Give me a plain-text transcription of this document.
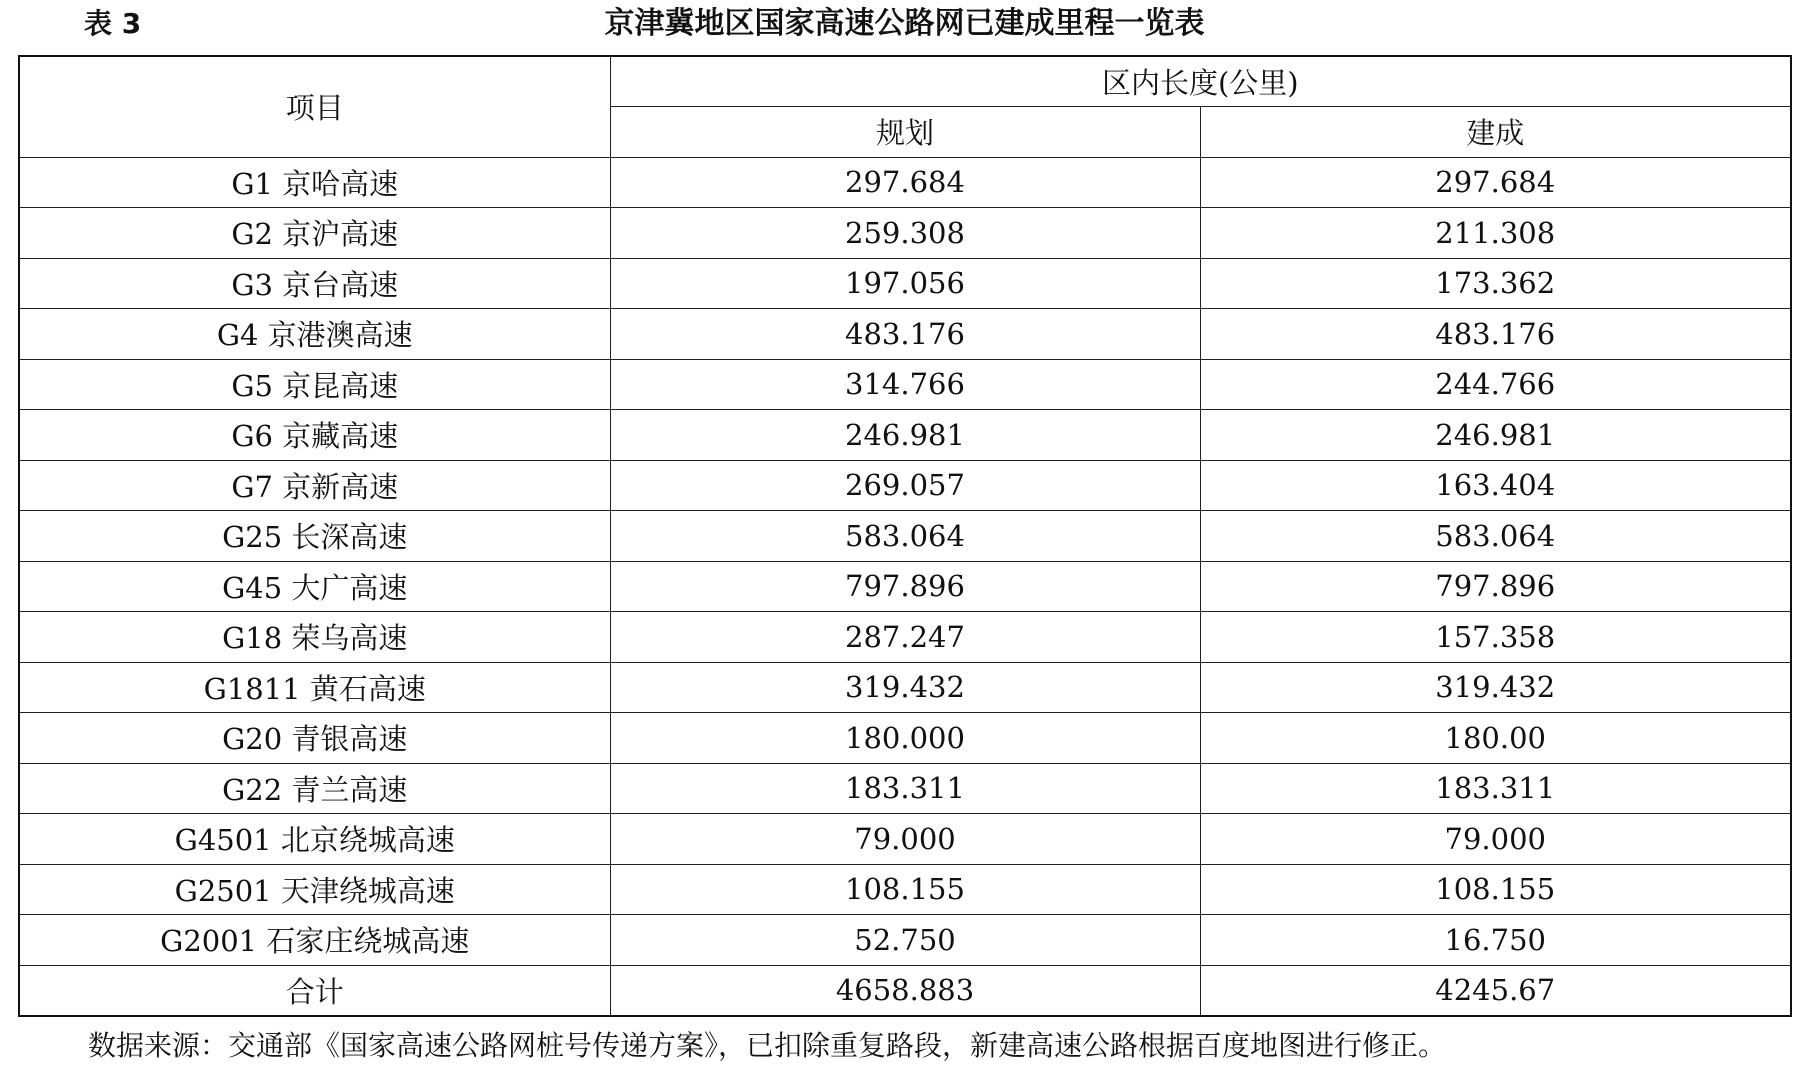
表 3	京津冀地区国家高速公路网已建成里程一览表
项目	区内长度(公里)	
	规划	建成
G1 京哈高速	297.684	297.684
G2 京沪高速	259.308	211.308
G3 京台高速	197.056	173.362
G4 京港澳高速	483.176	483.176
G5 京昆高速	314.766	244.766
G6 京藏高速	246.981	246.981
G7 京新高速	269.057	163.404
G25 长深高速	583.064	583.064
G45 大广高速	797.896	797.896
G18 荣乌高速	287.247	157.358
G1811 黄石高速	319.432	319.432
G20 青银高速	180.000	180.00
G22 青兰高速	183.311	183.311
G4501 北京绕城高速	79.000	79.000
G2501 天津绕城高速	108.155	108.155
G2001 石家庄绕城高速	52.750	16.750
合计	4658.883	4245.67
数据来源：交通部《国家高速公路网桩号传递方案》，已扣除重复路段，新建高速公路根据百度地图进行修正。
